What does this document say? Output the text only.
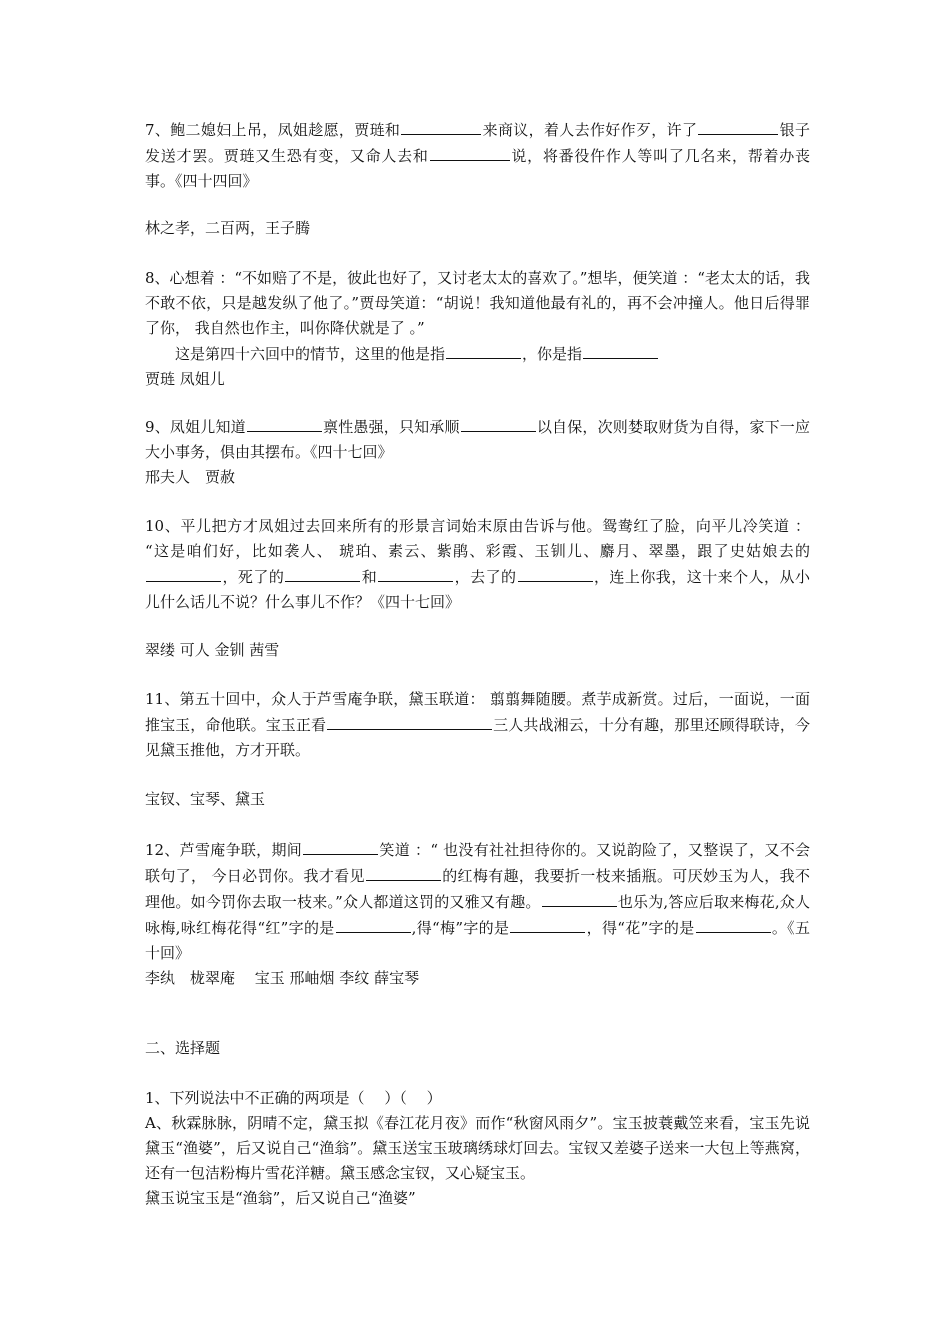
7、鲍二媳妇上吊，凤姐趁愿，贾琏和	来商议，着人去作好作歹，许了	银子发送才罢。贾琏又生恐有变，又命人去和	说，将番役仵作人等叫了几名来，帮着办丧事。《四十四回》

林之孝，二百两，王子腾

8、心想着 ：“不如赔了不是，彼此也好了，又讨老太太的喜欢了。”想毕，便笑道 ：“老太太的话，我不敢不依，只是越发纵了他了。”贾母笑道：“胡说！我知道他最有礼的，再不会冲撞人。他日后得罪了你， 我自然也作主，叫你降伏就是了 。”

这是第四十六回中的情节，这里的他是指	，你是指

贾琏 凤姐儿

9、凤姐儿知道	禀性愚强，只知承顺	以自保，次则婪取财货为自得，家下一应大小事务，俱由其摆布。《四十七回》

邢夫人　贾赦

10、平儿把方才凤姐过去回来所有的形景言词始末原由告诉与他。鸳鸯红了脸，向平儿冷笑道 ： “这是咱们好，比如袭人、 琥珀、素云、紫鹃、彩霞、玉钏儿、麝月、翠墨，跟了史姑娘去的，死了的	和	，去了的	，连上你我，这十来个人，从小儿什么话儿不说？什么事儿不作？《四十七回》

翠缕 可人 金钏 茜雪

11、第五十回中，众人于芦雪庵争联，黛玉联道： 翦翦舞随腰。煮芋成新赏。过后，一面说，一面推宝玉，命他联。宝玉正看	三人共战湘云，十分有趣，那里还顾得联诗，今见黛玉推他，方才开联。

宝钗、宝琴、黛玉

12、芦雪庵争联，期间	笑道 ：“ 也没有社社担待你的。又说韵险了，又整误了，又不会联句了， 今日必罚你。我才看见	的红梅有趣，我要折一枝来插瓶。可厌妙玉为人，我不理他。如今罚你去取一枝来。”众人都道这罚的又雅又有趣。	也乐为,答应后取来梅花,众人咏梅,咏红梅花得“红”字的是	,得“梅”字的是	，得“花”字的是	。《五十回》

李纨　栊翠庵　 宝玉 邢岫烟 李纹 薛宝琴

二、选择题

1、下列说法中不正确的两项是（　 ）（　 ）

A、秋霖脉脉，阴晴不定，黛玉拟《春江花月夜》而作“秋窗风雨夕”。宝玉披蓑戴笠来看，宝玉先说黛玉“渔婆”，后又说自己“渔翁”。黛玉送宝玉玻璃绣球灯回去。宝钗又差婆子送来一大包上等燕窝，还有一包洁粉梅片雪花洋糖。黛玉感念宝钗，又心疑宝玉。

黛玉说宝玉是“渔翁”，后又说自己“渔婆”
